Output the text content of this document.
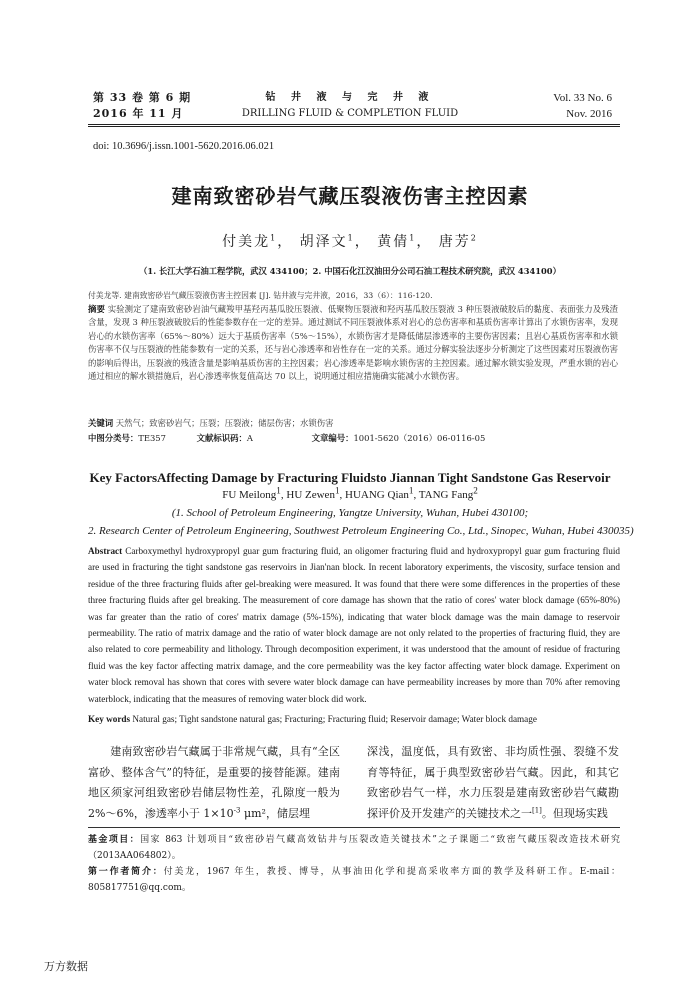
第 33 卷 第 6 期
2016 年 11 月
钻 井 液 与 完 井 液
DRILLING FLUID & COMPLETION FLUID
Vol. 33 No. 6
Nov. 2016
doi: 10.3696/j.issn.1001-5620.2016.06.021
建南致密砂岩气藏压裂液伤害主控因素
付美龙$^1$， 胡泽文$^1$， 黄倩$^1$， 唐芳$^2$
（1. 长江大学石油工程学院，武汉 434100；2. 中国石化江汉油田分公司石油工程技术研究院，武汉 434100）
付美龙等. 建南致密砂岩气藏压裂液伤害主控因素 [J]. 钻井液与完井液，2016，33（6）：116-120.
摘要 实验测定了建南致密砂岩油气藏羧甲基羟丙基瓜胶压裂液、低聚物压裂液和羟丙基瓜胶压裂液 3 种压裂液破胶后的黏度、表面张力及残渣含量，发现 3 种压裂液破胶后的性能参数存在一定的差异。通过测试不同压裂液体系对岩心的总伤害率和基质伤害率计算出了水锁伤害率，发现岩心的水锁伤害率（65%～80%）远大于基质伤害率（5%～15%），水锁伤害才是降低储层渗透率的主要伤害因素；且岩心基质伤害率和水锁伤害率不仅与压裂液的性能参数有一定的关系，还与岩心渗透率和岩性存在一定的关系。通过分解实验法逐步分析测定了这些因素对压裂液伤害的影响后得出，压裂液的残渣含量是影响基质伤害的主控因素；岩心渗透率是影响水锁伤害的主控因素。通过解水锁实验发现，严重水锁的岩心通过相应的解水锁措施后，岩心渗透率恢复值高达 70 以上，说明通过相应措施确实能减小水锁伤害。
关键词 天然气；致密砂岩气；压裂；压裂液；储层伤害；水锁伤害
中图分类号：TE357	文献标识码：A	文章编号：1001-5620（2016）06-0116-05
Key FactorsAffecting Damage by Fracturing Fluidsto Jiannan Tight Sandstone Gas Reservoir
FU Meilong$^1$, HU Zewen$^1$, HUANG Qian$^1$, TANG Fang$^2$
(1. School of Petroleum Engineering, Yangtze University, Wuhan, Hubei 430100;
2. Research Center of Petroleum Engineering, Southwest Petroleum Engineering Co., Ltd., Sinopec, Wuhan, Hubei 430035)
Abstract Carboxymethyl hydroxypropyl guar gum fracturing fluid, an oligomer fracturing fluid and hydroxypropyl guar gum fracturing fluid are used in fracturing the tight sandstone gas reservoirs in Jian'nan block. In recent laboratory experiments, the viscosity, surface tension and residue of the three fracturing fluids after gel-breaking were measured. It was found that there were some differences in the properties of these three fracturing fluids after gel breaking. The measurement of core damage has shown that the ratio of cores' water block damage (65%-80%) was far greater than the ratio of cores' matrix damage (5%-15%), indicating that water block damage was the main damage to reservoir permeability. The ratio of matrix damage and the ratio of water block damage are not only related to the properties of fracturing fluid, they are also related to core permeability and lithology. Through decomposition experiment, it was understood that the amount of residue of fracturing fluid was the key factor affecting matrix damage, and the core permeability was the key factor affecting water block damage. Experiment on water block removal has shown that cores with severe water block damage can have permeability increases by more than 70% after removing waterblock, indicating that the measures of removing water block did work.
Key words Natural gas; Tight sandstone natural gas; Fracturing; Fracturing fluid; Reservoir damage; Water block damage
建南致密砂岩气藏属于非常规气藏，具有“全区富砂、整体含气”的特征，是重要的接替能源。建南地区须家河组致密砂岩储层物性差，孔隙度一般为 2%～6%，渗透率小于 $1\times 10^{-3}$ μm²，储层埋
深浅，温度低，具有致密、非均质性强、裂缝不发育等特征，属于典型致密砂岩气藏。因此，和其它致密砂岩气一样，水力压裂是建南致密砂岩气藏勘探评价及开发建产的关键技术之一[1]。但现场实践
基金项目：国家 863 计划项目“致密砂岩气藏高效钻井与压裂改造关键技术”之子课题二“致密气藏压裂改造技术研究（2013AA064802）。
第一作者简介：付美龙，1967 年生，教授、博导，从事油田化学和提高采收率方面的教学及科研工作。E-mail：805817751@qq.com。
万方数据
